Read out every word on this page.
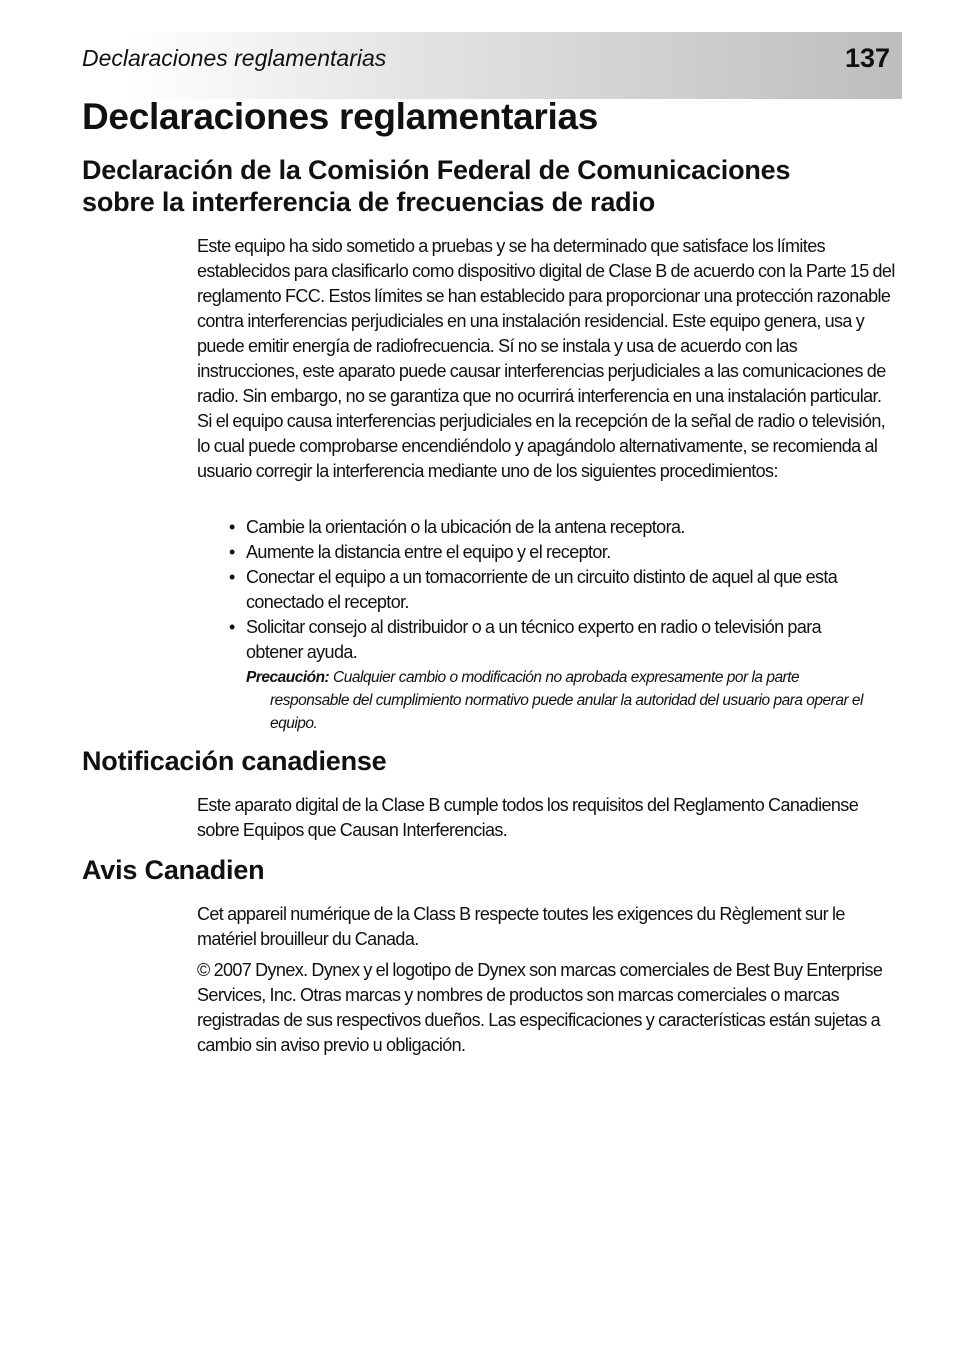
Declaraciones reglamentarias	137
Declaraciones reglamentarias
Declaración de la Comisión Federal de Comunicaciones
sobre la interferencia de frecuencias de radio

Este equipo ha sido sometido a pruebas y se ha determinado que satisface los límites establecidos para clasificarlo como dispositivo digital de Clase B de acuerdo con la Parte 15 del reglamento FCC. Estos límites se han establecido para proporcionar una protección razonable contra interferencias perjudiciales en una instalación residencial. Este equipo genera, usa y puede emitir energía de radiofrecuencia. Sí no se instala y usa de acuerdo con las instrucciones, este aparato puede causar interferencias perjudiciales a las comunicaciones de radio. Sin embargo, no se garantiza que no ocurrirá interferencia en una instalación particular. Si el equipo causa interferencias perjudiciales en la recepción de la señal de radio o televisión, lo cual puede comprobarse encendiéndolo y apagándolo alternativamente, se recomienda al usuario corregir la interferencia mediante uno de los siguientes procedimientos:

• Cambie la orientación o la ubicación de la antena receptora.
• Aumente la distancia entre el equipo y el receptor.
• Conectar el equipo a un tomacorriente de un circuito distinto de aquel al que esta conectado el receptor.
• Solicitar consejo al distribuidor o a un técnico experto en radio o televisión para obtener ayuda.

Precaución: Cualquier cambio o modificación no aprobada expresamente por la parte responsable del cumplimiento normativo puede anular la autoridad del usuario para operar el equipo.

Notificación canadiense

Este aparato digital de la Clase B cumple todos los requisitos del Reglamento Canadiense sobre Equipos que Causan Interferencias.

Avis Canadien

Cet appareil numérique de la Class B respecte toutes les exigences du Règlement sur le matériel brouilleur du Canada.

© 2007 Dynex. Dynex y el logotipo de Dynex son marcas comerciales de Best Buy Enterprise Services, Inc. Otras marcas y nombres de productos son marcas comerciales o marcas registradas de sus respectivos dueños. Las especificaciones y características están sujetas a cambio sin aviso previo u obligación.
